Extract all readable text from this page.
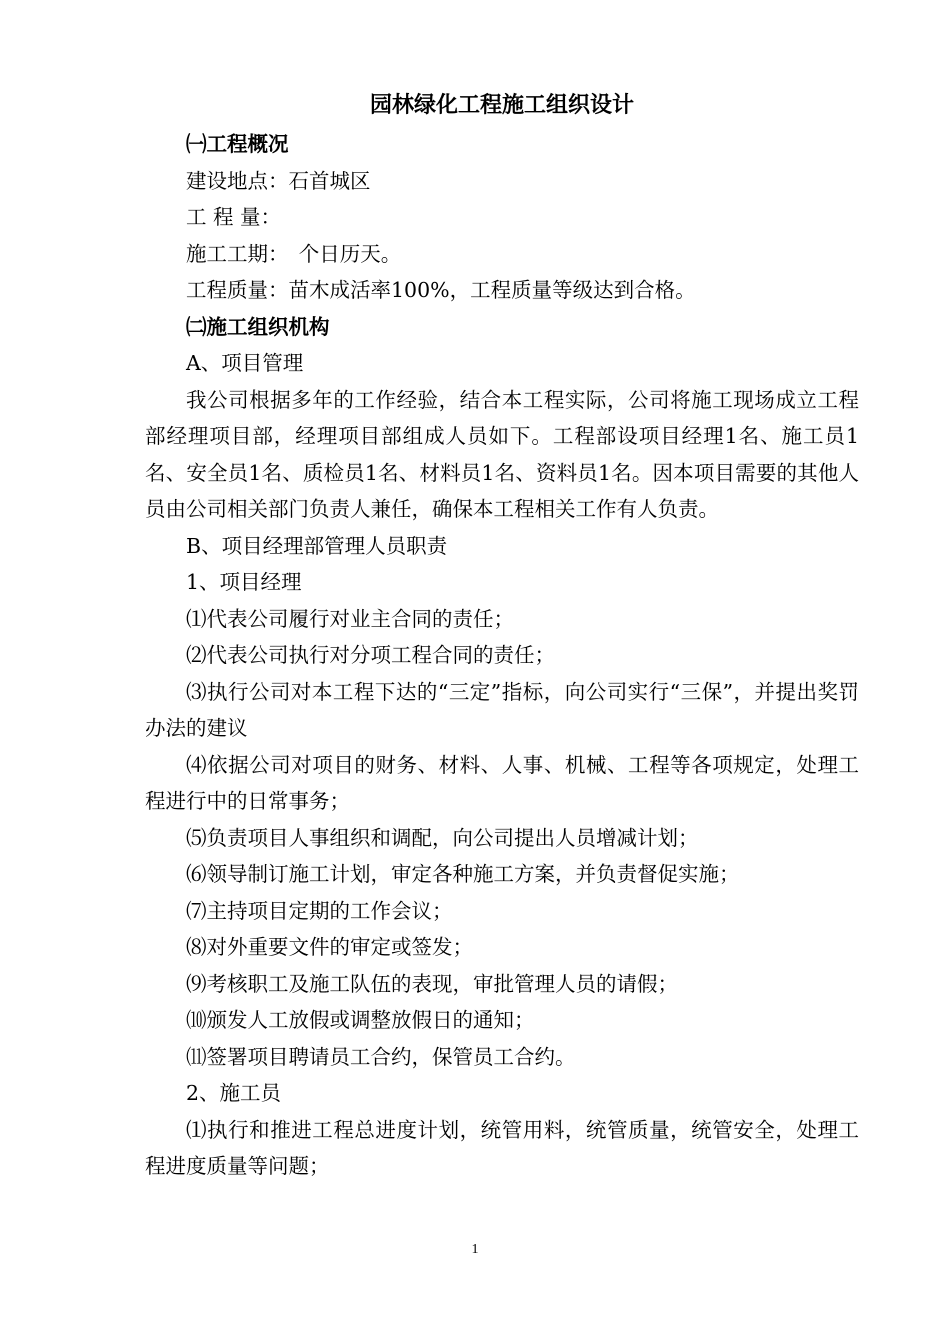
园林绿化工程施工组织设计

㈠工程概况

建设地点：石首城区

工 程 量：

施工工期：　个日历天。

工程质量：苗木成活率100%，工程质量等级达到合格。

㈡施工组织机构

A、项目管理

我公司根据多年的工作经验，结合本工程实际，公司将施工现场成立工程部经理项目部，经理项目部组成人员如下。工程部设项目经理1名、施工员1名、安全员1名、质检员1名、材料员1名、资料员1名。因本项目需要的其他人员由公司相关部门负责人兼任，确保本工程相关工作有人负责。

B、项目经理部管理人员职责

1、项目经理

⑴代表公司履行对业主合同的责任；

⑵代表公司执行对分项工程合同的责任；

⑶执行公司对本工程下达的“三定”指标，向公司实行“三保”，并提出奖罚办法的建议

⑷依据公司对项目的财务、材料、人事、机械、工程等各项规定，处理工程进行中的日常事务；

⑸负责项目人事组织和调配，向公司提出人员增减计划；

⑹领导制订施工计划，审定各种施工方案，并负责督促实施；

⑺主持项目定期的工作会议；

⑻对外重要文件的审定或签发；

⑼考核职工及施工队伍的表现，审批管理人员的请假；

⑽颁发人工放假或调整放假日的通知；

⑾签署项目聘请员工合约，保管员工合约。

2、施工员

⑴执行和推进工程总进度计划，统管用料，统管质量，统管安全，处理工程进度质量等问题；

1
